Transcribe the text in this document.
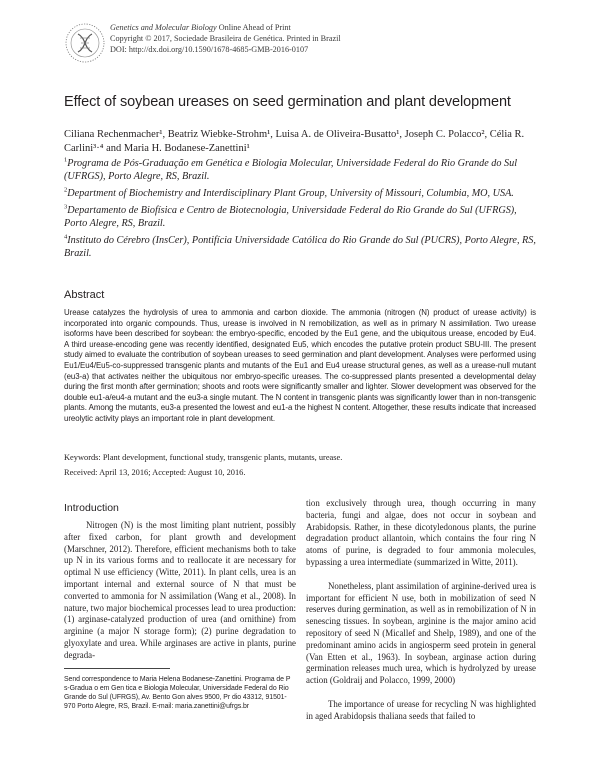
Genetics and Molecular Biology Online Ahead of Print
Copyright © 2017, Sociedade Brasileira de Genética. Printed in Brazil
DOI: http://dx.doi.org/10.1590/1678-4685-GMB-2016-0107
Effect of soybean ureases on seed germination and plant development
Ciliana Rechenmacher¹, Beatriz Wiebke-Strohm¹, Luisa A. de Oliveira-Busatto¹, Joseph C. Polacco², Célia R. Carlini³·⁴ and Maria H. Bodanese-Zanettini¹

$^1$Programa de Pós-Graduação em Genética e Biologia Molecular, Universidade Federal do Rio Grande do Sul (UFRGS), Porto Alegre, RS, Brazil.

$^2$Department of Biochemistry and Interdisciplinary Plant Group, University of Missouri, Columbia, MO, USA.

$^3$Departamento de Biofísica e Centro de Biotecnologia, Universidade Federal do Rio Grande do Sul (UFRGS), Porto Alegre, RS, Brazil.

$^4$Instituto do Cérebro (InsCer), Pontifícia Universidade Católica do Rio Grande do Sul (PUCRS), Porto Alegre, RS, Brazil.

Abstract
Urease catalyzes the hydrolysis of urea to ammonia and carbon dioxide. The ammonia (nitrogen (N) product of urease activity) is incorporated into organic compounds. Thus, urease is involved in N remobilization, as well as in primary N assimilation. Two urease isoforms have been described for soybean: the embryo-specific, encoded by the Eu1 gene, and the ubiquitous urease, encoded by Eu4. A third urease-encoding gene was recently identified, designated Eu5, which encodes the putative protein product SBU-III. The present study aimed to evaluate the contribution of soybean ureases to seed germination and plant development. Analyses were performed using Eu1/Eu4/Eu5-co-suppressed transgenic plants and mutants of the Eu1 and Eu4 urease structural genes, as well as a urease-null mutant (eu3-a) that activates neither the ubiquitous nor embryo-specific ureases. The co-suppressed plants presented a developmental delay during the first month after germination; shoots and roots were significantly smaller and lighter. Slower development was observed for the double eu1-a/eu4-a mutant and the eu3-a single mutant. The N content in transgenic plants was significantly lower than in non-transgenic plants. Among the mutants, eu3-a presented the lowest and eu1-a the highest N content. Altogether, these results indicate that increased ureolytic activity plays an important role in plant development.
Keywords: Plant development, functional study, transgenic plants, mutants, urease.
Received: April 13, 2016; Accepted: August 10, 2016.
Introduction

Nitrogen (N) is the most limiting plant nutrient, possibly after fixed carbon, for plant growth and development (Marschner, 2012). Therefore, efficient mechanisms both to take up N in its various forms and to reallocate it are necessary for optimal N use efficiency (Witte, 2011). In plant cells, urea is an important internal and external source of N that must be converted to ammonia for N assimilation (Wang et al., 2008). In nature, two major biochemical processes lead to urea production: (1) arginase-catalyzed production of urea (and ornithine) from arginine (a major N storage form); (2) purine degradation to glyoxylate and urea. While arginases are active in plants, purine degrada-

Send correspondence to Maria Helena Bodanese-Zanettini. Programa de P s-Gradua o em Gen tica e Biologia Molecular, Universidade Federal do Rio Grande do Sul (UFRGS), Av. Bento Gon alves 9500, Pr dio 43312, 91501-970 Porto Alegre, RS, Brazil. E-mail: maria.zanettini@ufrgs.br

tion exclusively through urea, though occurring in many bacteria, fungi and algae, does not occur in soybean and Arabidopsis. Rather, in these dicotyledonous plants, the purine degradation product allantoin, which contains the four ring N atoms of purine, is degraded to four ammonia molecules, bypassing a urea intermediate (summarized in Witte, 2011).

Nonetheless, plant assimilation of arginine-derived urea is important for efficient N use, both in mobilization of seed N reserves during germination, as well as in remobilization of N in senescing tissues. In soybean, arginine is the major amino acid repository of seed N (Micallef and Shelp, 1989), and one of the predominant amino acids in angiosperm seed protein in general (Van Etten et al., 1963). In soybean, arginase action during germination releases much urea, which is hydrolyzed by urease action (Goldraij and Polacco, 1999, 2000)

The importance of urease for recycling N was highlighted in aged Arabidopsis thaliana seeds that failed to
